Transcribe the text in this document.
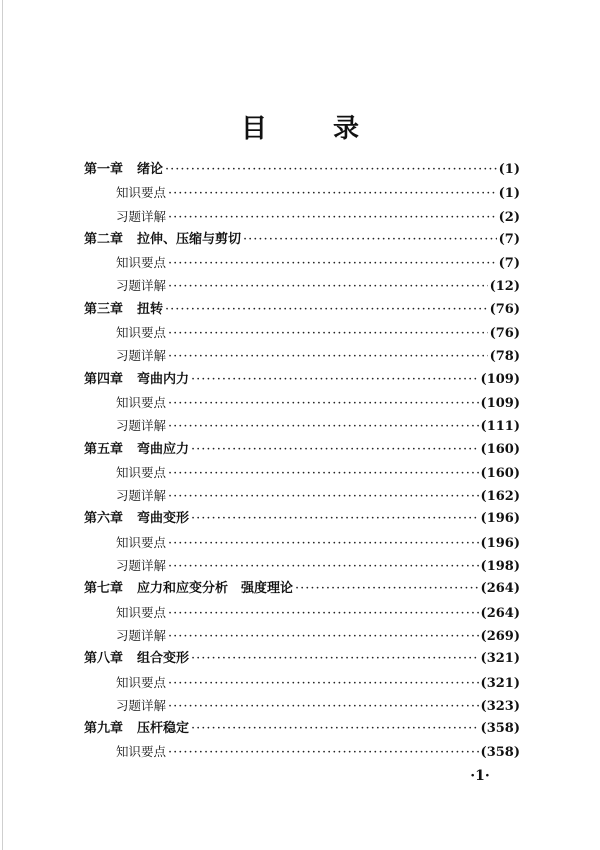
目　录
第一章 绪论 ·····	(1)
知识要点 ·····	(1)
习题详解 ·····	(2)
第二章 拉伸、压缩与剪切 ·····	(7)
知识要点 ·····	(7)
习题详解 ·····	(12)
第三章 扭转 ·····	(76)
知识要点 ·····	(76)
习题详解 ·····	(78)
第四章 弯曲内力 ·····	(109)
知识要点 ·····	(109)
习题详解 ·····	(111)
第五章 弯曲应力 ·····	(160)
知识要点 ·····	(160)
习题详解 ·····	(162)
第六章 弯曲变形 ·····	(196)
知识要点 ·····	(196)
习题详解 ·····	(198)
第七章 应力和应变分析　强度理论 ·····	(264)
知识要点 ·····	(264)
习题详解 ·····	(269)
第八章 组合变形 ·····	(321)
知识要点 ·····	(321)
习题详解 ·····	(323)
第九章 压杆稳定 ·····	(358)
知识要点 ·····	(358)
·1·
